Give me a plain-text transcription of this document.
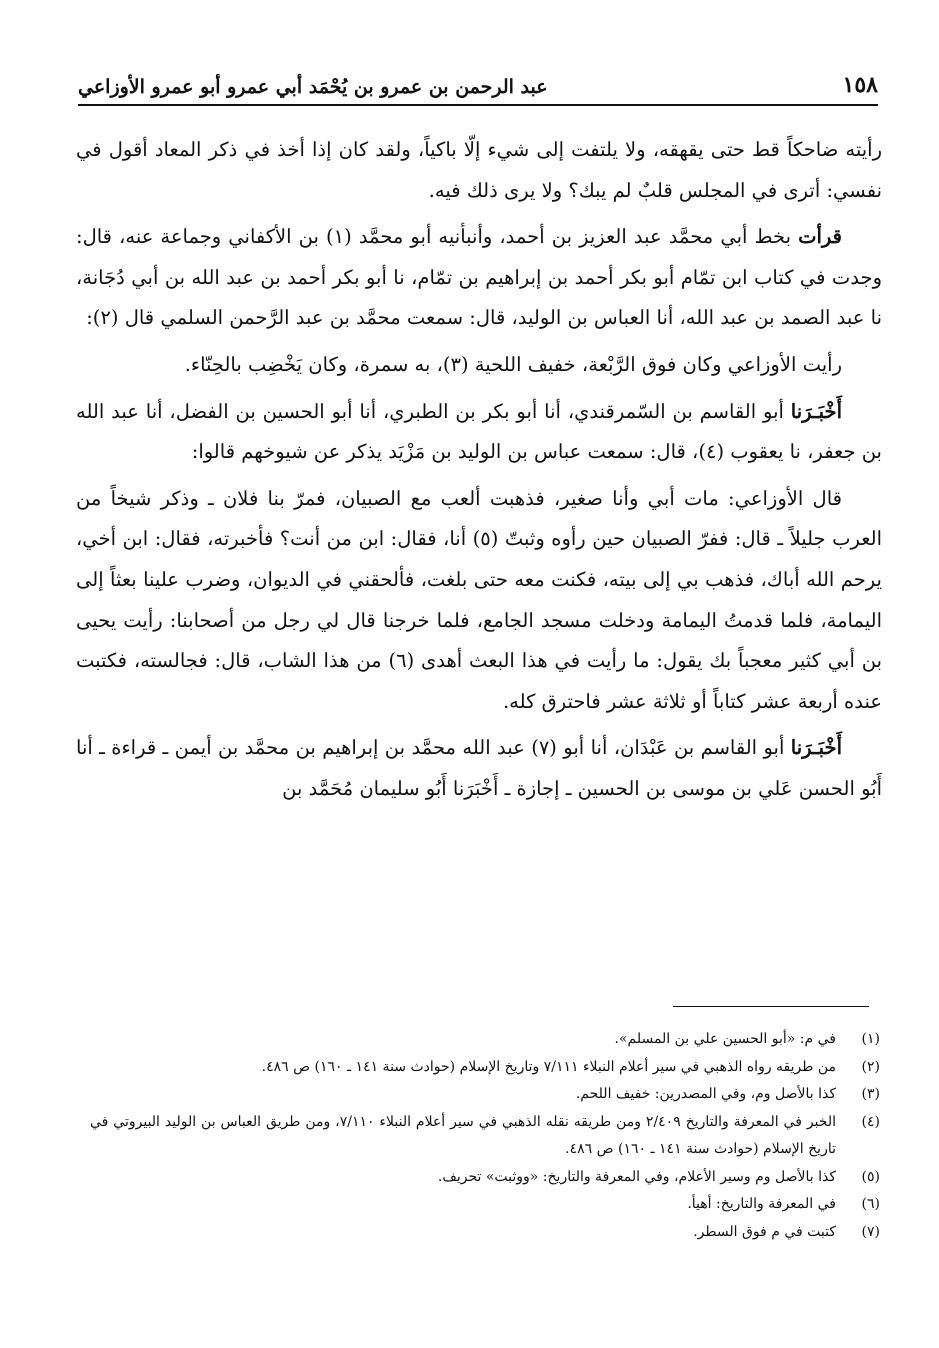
١٥٨
عبد الرحمن بن عمرو بن يُحْمَد أبي عمرو أبو عمرو الأوزاعي

رأيته ضاحكاً قط حتى يقهقه، ولا يلتفت إلى شيء إلّا باكياً، ولقد كان إذا أخذ في ذكر المعاد أقول في نفسي: أترى في المجلس قلبٌ لم يبك؟ ولا يرى ذلك فيه.

قرأت بخط أبي محمَّد عبد العزيز بن أحمد، وأنبأنيه أبو محمَّد (١) بن الأكفاني وجماعة عنه، قال: وجدت في كتاب ابن تمّام أبو بكر أحمد بن إبراهيم بن تمّام، نا أبو بكر أحمد بن عبد الله بن أبي دُجَانة، نا عبد الصمد بن عبد الله، أنا العباس بن الوليد، قال: سمعت محمَّد بن عبد الرَّحمن السلمي قال (٢):

رأيت الأوزاعي وكان فوق الرَّبْعة، خفيف اللحية (٣)، به سمرة، وكان يَخْضِب بالحِنّاء.

أَخْبَـرَنا أبو القاسم بن السّمرقندي، أنا أبو بكر بن الطبري، أنا أبو الحسين بن الفضل، أنا عبد الله بن جعفر، نا يعقوب (٤)، قال: سمعت عباس بن الوليد بن مَزْيَد يذكر عن شيوخهم قالوا:

قال الأوزاعي: مات أبي وأنا صغير، فذهبت ألعب مع الصبيان، فمرّ بنا فلان ـ وذكر شيخاً من العرب جليلاً ـ قال: ففرّ الصبيان حين رأوه وثبتّ (٥) أنا، فقال: ابن من أنت؟ فأخبرته، فقال: ابن أخي، يرحم الله أباك، فذهب بي إلى بيته، فكنت معه حتى بلغت، فألحقني في الديوان، وضرب علينا بعثاً إلى اليمامة، فلما قدمتُ اليمامة ودخلت مسجد الجامع، فلما خرجنا قال لي رجل من أصحابنا: رأيت يحيى بن أبي كثير معجباً بك يقول: ما رأيت في هذا البعث أهدى (٦) من هذا الشاب، قال: فجالسته، فكتبت عنده أربعة عشر كتاباً أو ثلاثة عشر فاحترق كله.

أَخْبَـرَنا أبو القاسم بن عَبْدَان، أنا أبو (٧) عبد الله محمَّد بن إبراهيم بن محمَّد بن أيمن ـ قراءة ـ أنا أَبُو الحسن عَلي بن موسى بن الحسين ـ إجازة ـ أَخْبَرَنا أَبُو سليمان مُحَمَّد بن

(١)
في م: «أبو الحسين علي بن المسلم».
(٢)
من طريقه رواه الذهبي في سير أعلام النبلاء ٧/١١١ وتاريخ الإسلام (حوادث سنة ١٤١ ـ ١٦٠) ص ٤٨٦.
(٣)
كذا بالأصل وم، وفي المصدرين: خفيف اللحم.
(٤)
الخبر في المعرفة والتاريخ ٢/٤٠٩ ومن طريقه نقله الذهبي في سير أعلام النبلاء ٧/١١٠، ومن طريق العباس بن الوليد البيروتي في تاريخ الإسلام (حوادث سنة ١٤١ ـ ١٦٠) ص ٤٨٦.
(٥)
كذا بالأصل وم وسير الأعلام، وفي المعرفة والتاريخ: «ووثبت» تحريف.
(٦)
في المعرفة والتاريخ: أهيأ.
(٧)
كتبت في م فوق السطر.
